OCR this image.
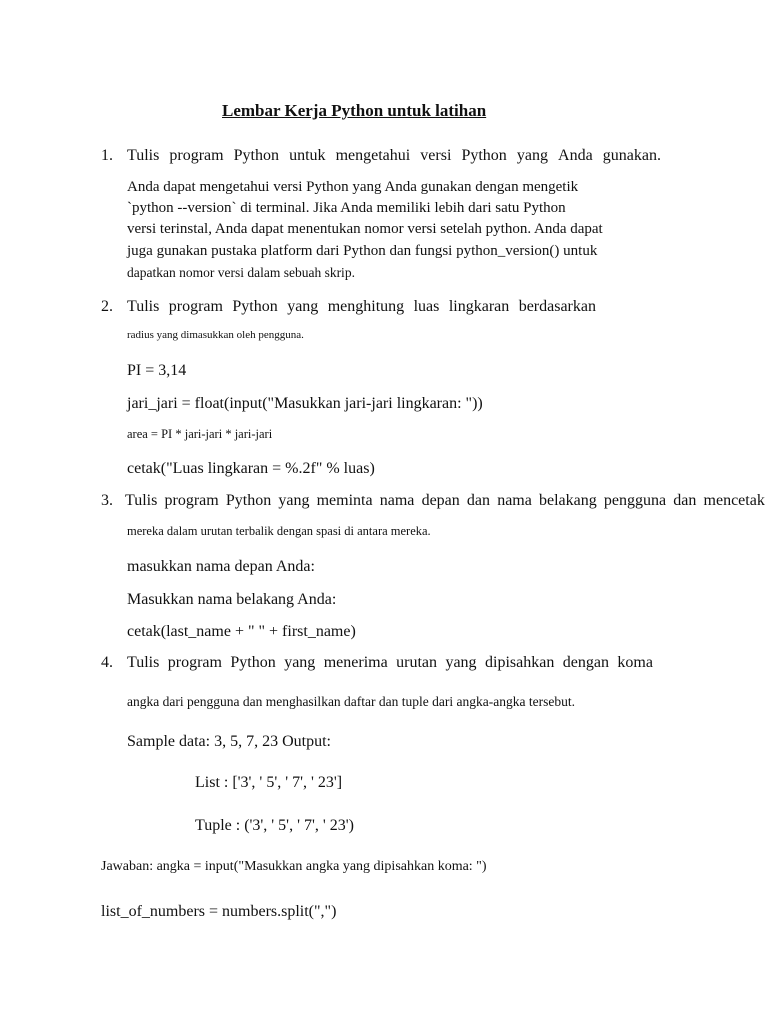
Lembar Kerja Python untuk latihan
1. Tulis program Python untuk mengetahui versi Python yang Anda gunakan.
Anda dapat mengetahui versi Python yang Anda gunakan dengan mengetik
`python --version` di terminal. Jika Anda memiliki lebih dari satu Python
versi terinstal, Anda dapat menentukan nomor versi setelah python. Anda dapat
juga gunakan pustaka platform dari Python dan fungsi python_version() untuk
dapatkan nomor versi dalam sebuah skrip.
2. Tulis program Python yang menghitung luas lingkaran berdasarkan
radius yang dimasukkan oleh pengguna.
PI = 3,14
jari_jari = float(input("Masukkan jari-jari lingkaran: "))
area = PI * jari-jari * jari-jari
cetak("Luas lingkaran = %.2f" % luas)
3. Tulis program Python yang meminta nama depan dan nama belakang pengguna dan mencetak
mereka dalam urutan terbalik dengan spasi di antara mereka.
masukkan nama depan Anda:
Masukkan nama belakang Anda:
cetak(last_name + " " + first_name)
4. Tulis program Python yang menerima urutan yang dipisahkan dengan koma
angka dari pengguna dan menghasilkan daftar dan tuple dari angka-angka tersebut.
Sample data: 3, 5, 7, 23 Output:
List : ['3', ' 5', ' 7', ' 23']
Tuple : ('3', ' 5', ' 7', ' 23')
Jawaban: angka = input("Masukkan angka yang dipisahkan koma: ")
list_of_numbers = numbers.split(",")
